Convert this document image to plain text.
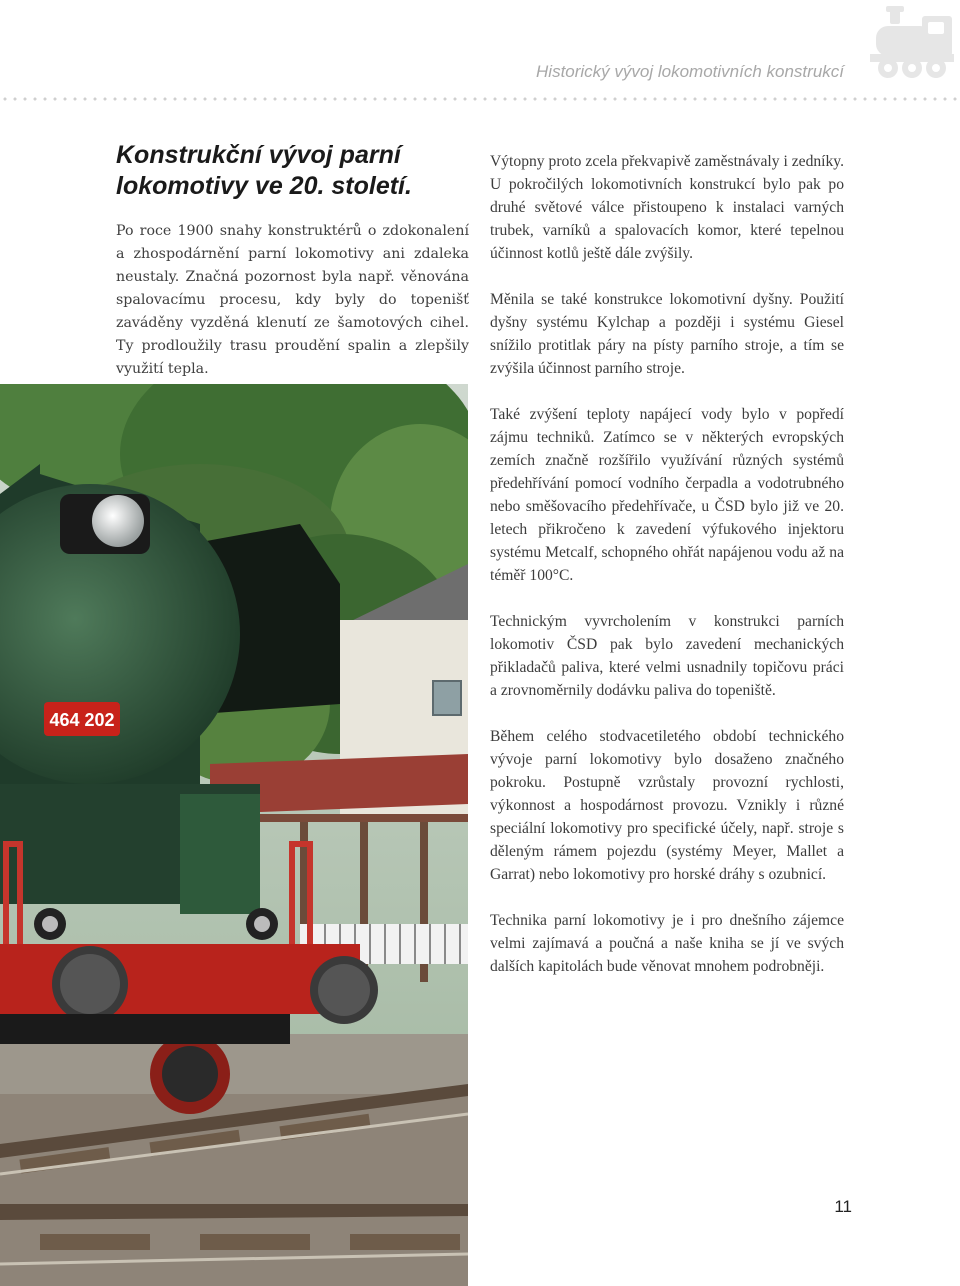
Historický vývoj lokomotivních konstrukcí
Konstrukční vývoj parní lokomotivy ve 20. století.

Po roce 1900 snahy konstruktérů o zdokonalení a zhospodárnění parní lokomotivy ani zdaleka neustaly. Značná pozornost byla např. věnována spalovacímu procesu, kdy byly do topenišť zaváděny vyzděná klenutí ze šamotových cihel. Ty prodloužily trasu proudění spalin a zlepšily využití tepla.

464 202

Výtopny proto zcela překvapivě zaměstnávaly i zedníky. U pokročilých lokomotivních konstrukcí bylo pak po druhé světové válce přistoupeno k instalaci varných trubek, varníků a spalovacích komor, které tepelnou účinnost kotlů ještě dále zvýšily.

Měnila se také konstrukce lokomotivní dyšny. Použití dyšny systému Kylchap a později i systému Giesel snížilo protitlak páry na písty parního stroje, a tím se zvýšila účinnost parního stroje.

Také zvýšení teploty napájecí vody bylo v popředí zájmu techniků. Zatímco se v některých evropských zemích značně rozšířilo využívání různých systémů předehřívání pomocí vodního čerpadla a vodotrubného nebo směšovacího předehřívače, u ČSD bylo již ve 20. letech přikročeno k zavedení výfukového injektoru systému Metcalf, schopného ohřát napájenou vodu až na téměř 100°C.

Technickým vyvrcholením v konstrukci parních lokomotiv ČSD pak bylo zavedení mechanických přikladačů paliva, které velmi usnadnily topičovu práci a zrovnoměrnily dodávku paliva do topeniště.

Během celého stodvacetiletého období technického vývoje parní lokomotivy bylo dosaženo značného pokroku. Postupně vzrůstaly provozní rychlosti, výkonnost a hospodárnost provozu. Vznikly i různé speciální lokomotivy pro specifické účely, např. stroje s děleným rámem pojezdu (systémy Meyer, Mallet a Garrat) nebo lokomotivy pro horské dráhy s ozubnicí.

Technika parní lokomotivy je i pro dnešního zájemce velmi zajímavá a poučná a naše kniha se jí ve svých dalších kapitolách bude věnovat mnohem podrobněji.

11
